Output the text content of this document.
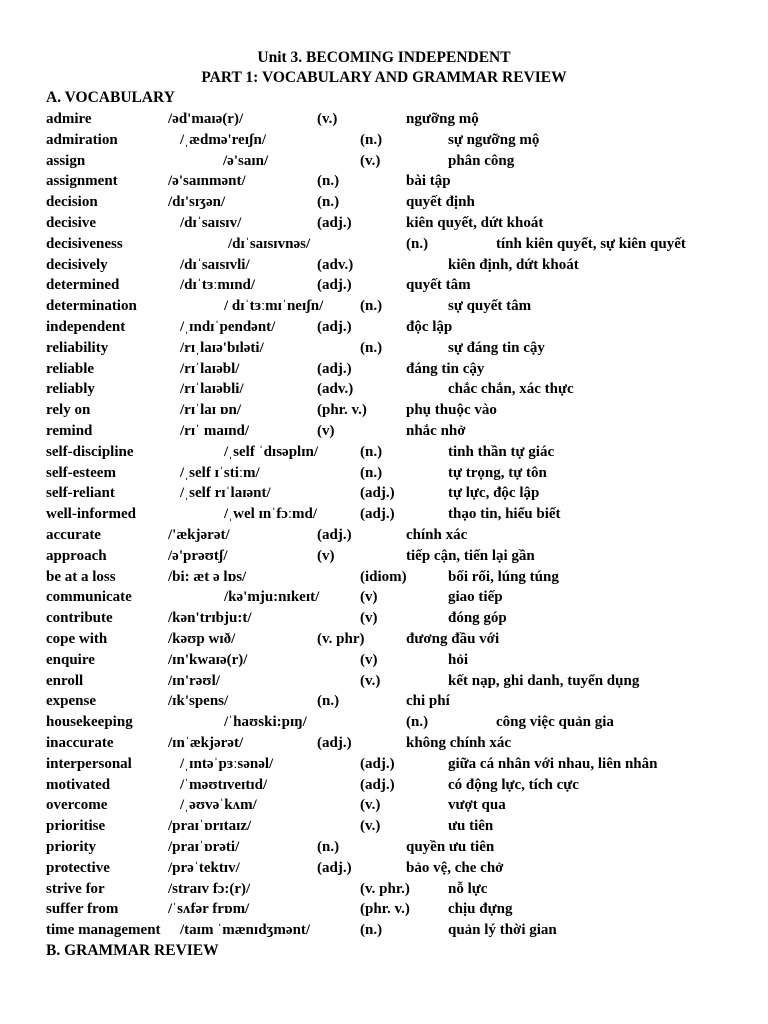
Unit 3. BECOMING INDEPENDENT
PART 1: VOCABULARY AND GRAMMAR REVIEW
A. VOCABULARY
admire	/əd'maɪə(r)/	(v.)	ngưỡng mộ
admiration	/ˌædmə'reɪʃn/	(n.)	sự ngưỡng mộ
assign	/ə'saɪn/	(v.)	phân công
assignment	/ə'saɪnmənt/	(n.)	bài tập
decision	/dɪ'sɪʒən/	(n.)	quyết định
decisive	/dɪˈsaɪsɪv/	(adj.)	kiên quyết, dứt khoát
decisiveness	/dɪˈsaɪsɪvnəs/	(n.)	tính kiên quyết, sự kiên quyết
decisively	/dɪˈsaɪsɪvli/	(adv.)	kiên định, dứt khoát
determined	/dɪˈtɜːmɪnd/	(adj.)	quyết tâm
determination	/ dɪˈtɜːmɪˈneɪʃn/ (n.)	sự quyết tâm
independent	/ˌɪndɪˈpendənt/	(adj.)	độc lập
reliability	/rɪˌlaɪə'bɪləti/	(n.)	sự đáng tin cậy
reliable	/rɪˈlaɪəbl/	(adj.)	đáng tin cậy
reliably	/rɪˈlaɪəbli/	(adv.)	chắc chắn, xác thực
rely on	/rɪˈlaɪ ɒn/	(phr. v.)	phụ thuộc vào
remind	/rɪˈ maɪnd/	(v)	nhắc nhở
self-discipline	/ˌself ˈdɪsəplɪn/	(n.)	tinh thần tự giác
self-esteem	/ˌself ɪˈstiːm/	(n.)	tự trọng, tự tôn
self-reliant	/ˌself rɪˈlaɪənt/	(adj.)	tự lực, độc lập
well-informed	/ˌwel ɪnˈfɔːmd/	(adj.)	thạo tin, hiểu biết
accurate	/'ækjərət/	(adj.)	chính xác
approach	/ə'prəʊtʃ/	(v)	tiếp cận, tiến lại gần
be at a loss	/bi: æt ə lɒs/	(idiom)	bối rối, lúng túng
communicate	/kə'mju:nɪkeɪt/	(v)	giao tiếp
contribute	/kən'trɪbju:t/	(v)	đóng góp
cope with	/kəʊp wɪð/	(v. phr)	đương đầu với
enquire	/ɪn'kwaɪə(r)/	(v)	hỏi
enroll	/ɪn'rəʊl/	(v.)	kết nạp, ghi danh, tuyển dụng
expense	/ɪk'spens/	(n.)	chi phí
housekeeping	/ˈhaʊski:pɪŋ/	(n.)	công việc quản gia
inaccurate	/ɪnˈækjərət/	(adj.)	không chính xác
interpersonal	/ˌɪntəˈpɜːsənəl/	(adj.)	giữa cá nhân với nhau, liên nhân
motivated	/ˈməʊtɪveɪtɪd/	(adj.)	có động lực, tích cực
overcome	/ˌəʊvəˈkʌm/	(v.)	vượt qua
prioritise	/praɪˈɒrɪtaɪz/	(v.)	ưu tiên
priority	/praɪˈɒrəti/	(n.)	quyền ưu tiên
protective	/prəˈtektɪv/	(adj.)	bảo vệ, che chở
strive for	/straɪv fɔ:(r)/	(v. phr.)	nỗ lực
suffer from	/ˈsʌfər frɒm/	(phr. v.)	chịu đựng
time management /taɪm ˈmænɪdʒmənt/	(n.)	quản lý thời gian
B. GRAMMAR REVIEW
